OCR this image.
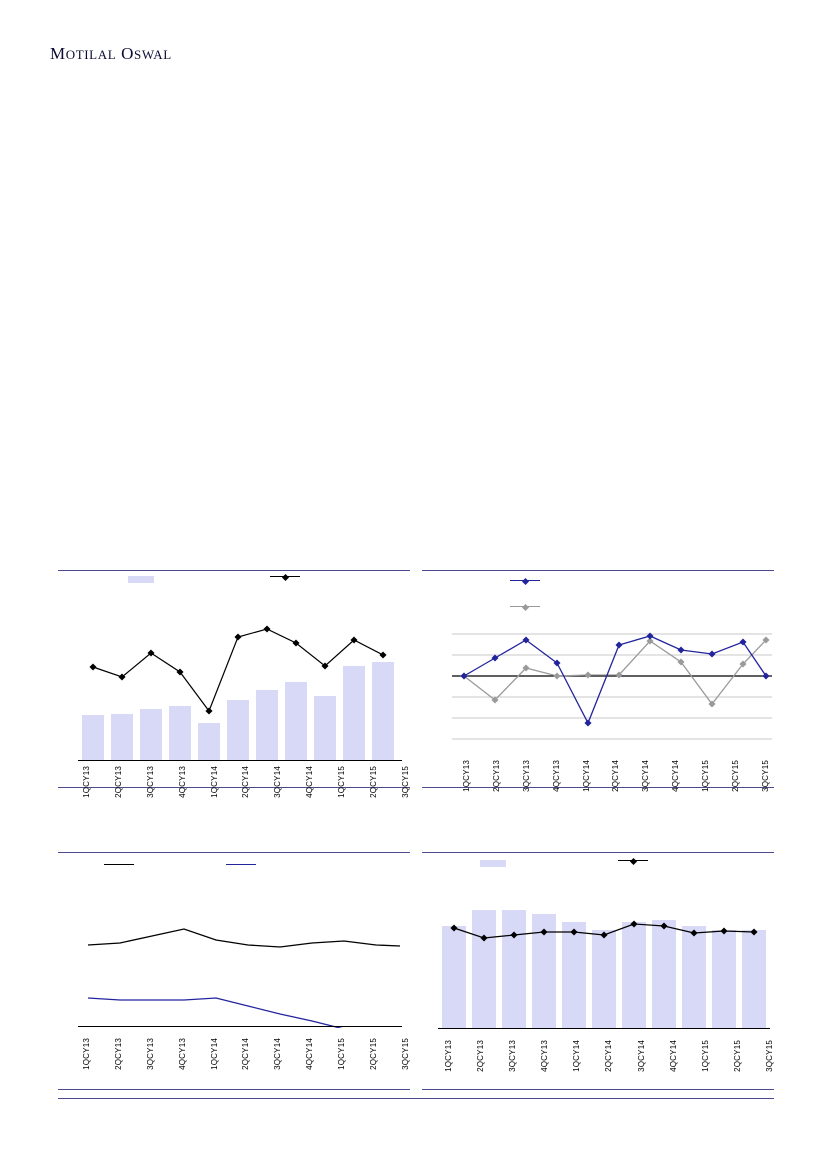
MOTILAL OSWAL
1QCY13	2QCY13	3QCY13	4QCY13	1QCY14	2QCY14	3QCY14	4QCY14	1QCY15	2QCY15	3QCY15	1QCY13	2QCY13	3QCY13	4QCY13	1QCY14	2QCY14	3QCY14	4QCY14	1QCY15	2QCY15	3QCY15
1QCY13	2QCY13	3QCY13	4QCY13	1QCY14	2QCY14	3QCY14	4QCY14	1QCY15	2QCY15	3QCY15	1QCY13	2QCY13	3QCY13	4QCY13	1QCY14	2QCY14	3QCY14	4QCY14	1QCY15	2QCY15	3QCY15
